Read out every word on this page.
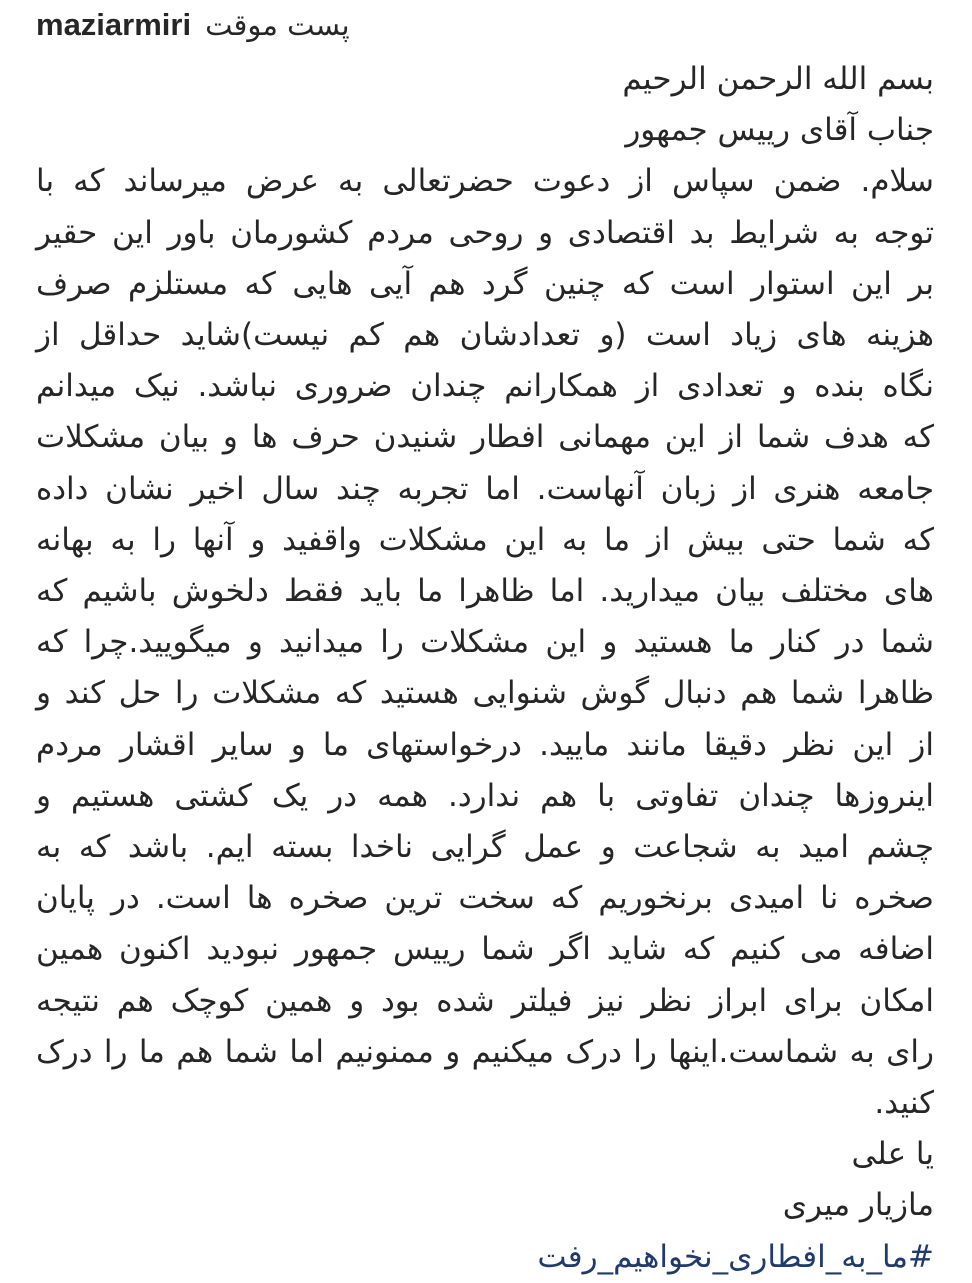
maziarmiri پست موقت
بسم الله الرحمن الرحیم
جناب آقای رییس جمهور
سلام. ضمن سپاس از دعوت حضرتعالی به عرض میرساند که با
توجه به شرایط بد اقتصادی و روحی مردم کشورمان باور این حقیر
بر این استوار است که چنین گرد هم آیی هایی که مستلزم صرف
هزینه های زیاد است (و تعدادشان هم کم نیست)شاید حداقل از
نگاه بنده و تعدادی از همکارانم چندان ضروری نباشد. نیک میدانم
که هدف شما از این مهمانی افطار شنیدن حرف ها و بیان مشکلات
جامعه هنری از زبان آنهاست. اما تجربه چند سال اخیر نشان داده
که شما حتی بیش از ما به این مشکلات واقفید و آنها را به بهانه
های مختلف بیان میدارید. اما ظاهرا ما باید فقط دلخوش باشیم که
شما در کنار ما هستید و این مشکلات را میدانید و میگویید.چرا که
ظاهرا شما هم دنبال گوش شنوایی هستید که مشکلات را حل کند و
از این نظر دقیقا مانند مایید. درخواستهای ما و سایر اقشار مردم
اینروزها چندان تفاوتی با هم ندارد. همه در یک کشتی هستیم و
چشم امید به شجاعت و عمل گرایی ناخدا بسته ایم. باشد که به
صخره نا امیدی برنخوریم که سخت ترین صخره ها است. در پایان
اضافه می کنیم که شاید اگر شما رییس جمهور نبودید اکنون همین
امکان برای ابراز نظر نیز فیلتر شده بود و همین کوچک هم نتیجه
رای به شماست.اینها را درک میکنیم و ممنونیم اما شما هم ما را درک
کنید.
یا علی
مازیار میری
#ما_به_افطاری_نخواهیم_رفت
